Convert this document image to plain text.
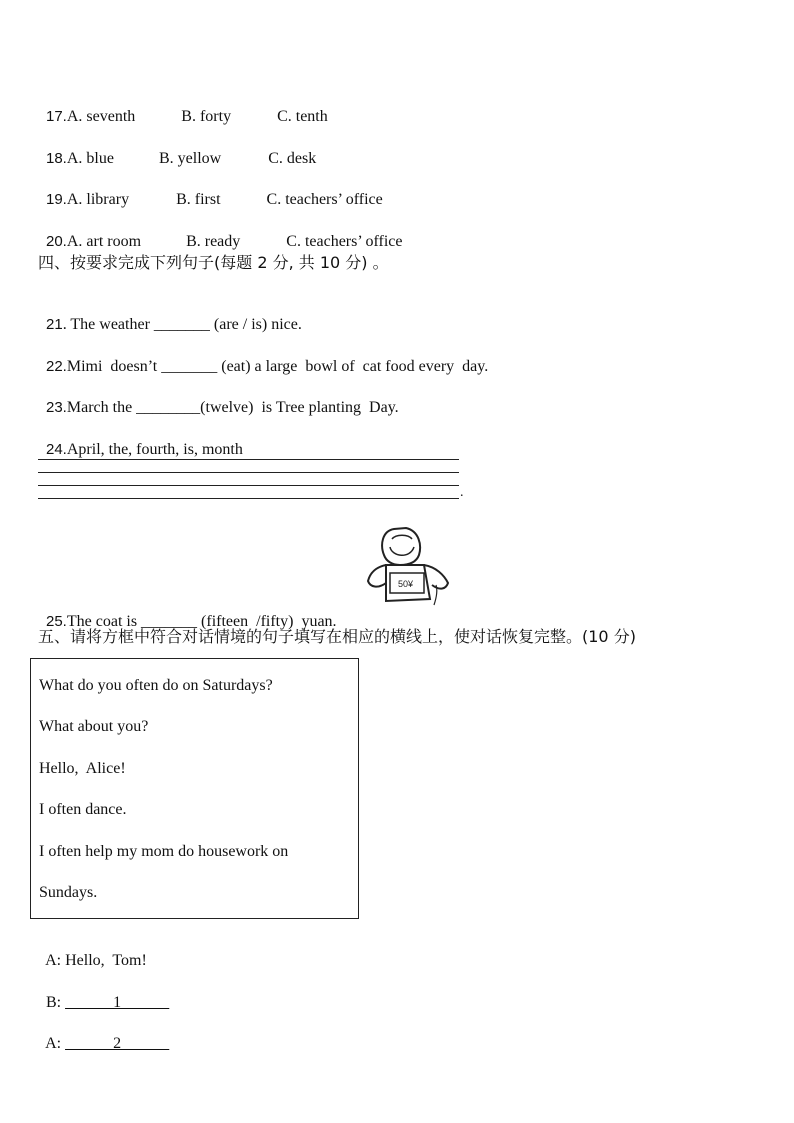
17.A. seventh	B. forty	C. tenth

18.A. blue	B. yellow	C. desk

19.A. library	B. first	C. teachers’ office

20.A. art room	B. ready	C. teachers’ office

四、按要求完成下列句子(每题 2 分, 共 10 分) 。

21. The weather _______ (are / is) nice.

22.Mimi  doesn’t _______ (eat) a large  bowl of  cat food every  day.

23.March the ________(twelve)  is Tree planting  Day.

24.April, the, fourth, is, month

.
50¥

25.The coat is _______ (fifteen  /fifty)  yuan.

五、请将方框中符合对话情境的句子填写在相应的横线上，使对话恢复完整。(10 分)
What do you often do on Saturdays?
What about you?
Hello,  Alice!
I often dance.
I often help my mom do housework on
Sundays.

A: Hello,  Tom!

B: ______1______

A: ______2______
